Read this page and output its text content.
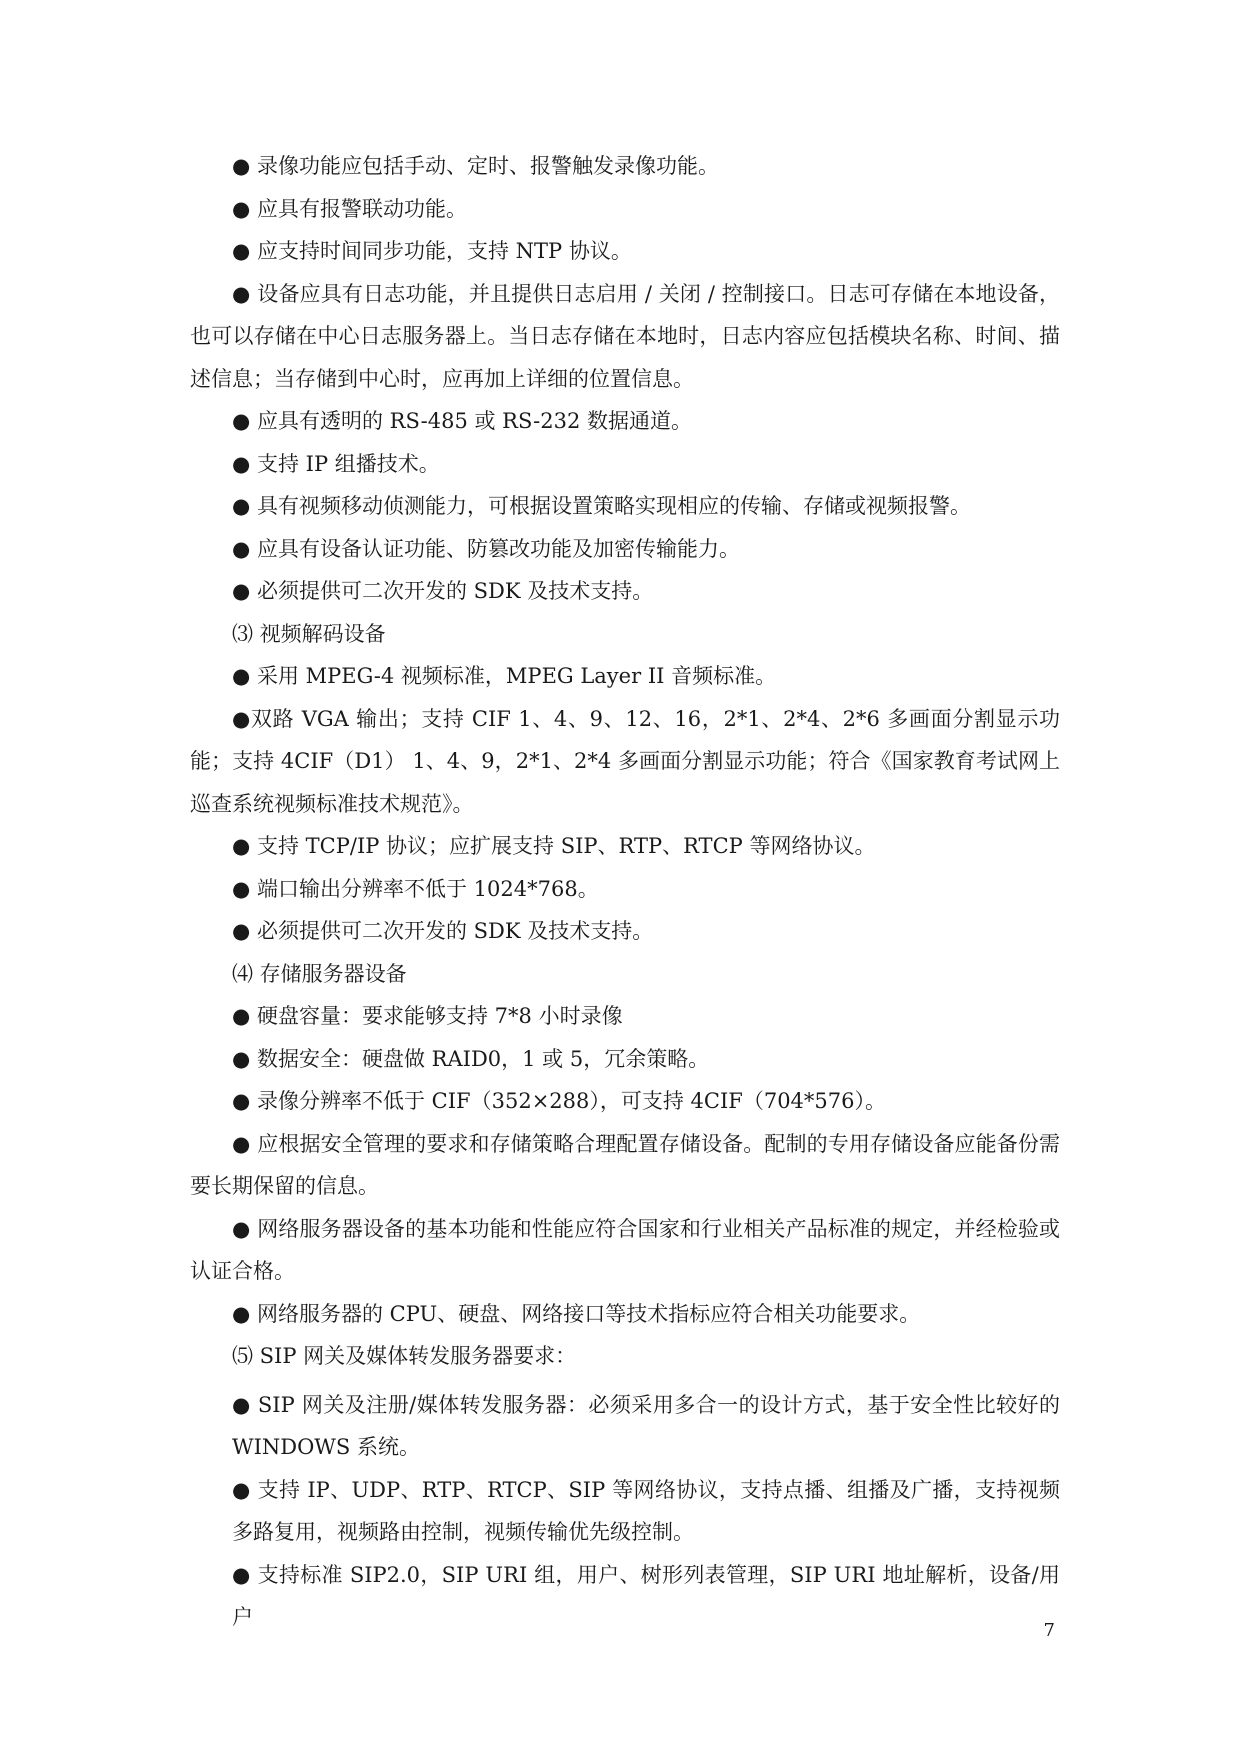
● 录像功能应包括手动、定时、报警触发录像功能。

● 应具有报警联动功能。

● 应支持时间同步功能，支持 NTP 协议。

● 设备应具有日志功能，并且提供日志启用 / 关闭 / 控制接口。日志可存储在本地设备，也可以存储在中心日志服务器上。当日志存储在本地时，日志内容应包括模块名称、时间、描述信息；当存储到中心时，应再加上详细的位置信息。

● 应具有透明的 RS-485 或 RS-232 数据通道。

● 支持 IP 组播技术。

● 具有视频移动侦测能力，可根据设置策略实现相应的传输、存储或视频报警。

● 应具有设备认证功能、防篡改功能及加密传输能力。

● 必须提供可二次开发的 SDK 及技术支持。

⑶ 视频解码设备

● 采用 MPEG-4 视频标准，MPEG Layer II 音频标准。

●双路 VGA 输出；支持 CIF 1、4、9、12、16，2*1、2*4、2*6 多画面分割显示功能；支持 4CIF（D1） 1、4、9，2*1、2*4 多画面分割显示功能；符合《国家教育考试网上巡查系统视频标准技术规范》。

● 支持 TCP/IP 协议；应扩展支持 SIP、RTP、RTCP 等网络协议。

● 端口输出分辨率不低于 1024*768。

● 必须提供可二次开发的 SDK 及技术支持。

⑷ 存储服务器设备

● 硬盘容量：要求能够支持 7*8 小时录像

● 数据安全：硬盘做 RAID0，1 或 5，冗余策略。

● 录像分辨率不低于 CIF（352×288），可支持 4CIF（704*576）。

● 应根据安全管理的要求和存储策略合理配置存储设备。配制的专用存储设备应能备份需要长期保留的信息。

● 网络服务器设备的基本功能和性能应符合国家和行业相关产品标准的规定，并经检验或认证合格。

● 网络服务器的 CPU、硬盘、网络接口等技术指标应符合相关功能要求。

⑸ SIP 网关及媒体转发服务器要求：

● SIP 网关及注册/媒体转发服务器：必须采用多合一的设计方式，基于安全性比较好的 WINDOWS 系统。

● 支持 IP、UDP、RTP、RTCP、SIP 等网络协议，支持点播、组播及广播，支持视频多路复用，视频路由控制，视频传输优先级控制。

● 支持标准 SIP2.0，SIP URI 组，用户、树形列表管理，SIP URI 地址解析，设备/用户

7
